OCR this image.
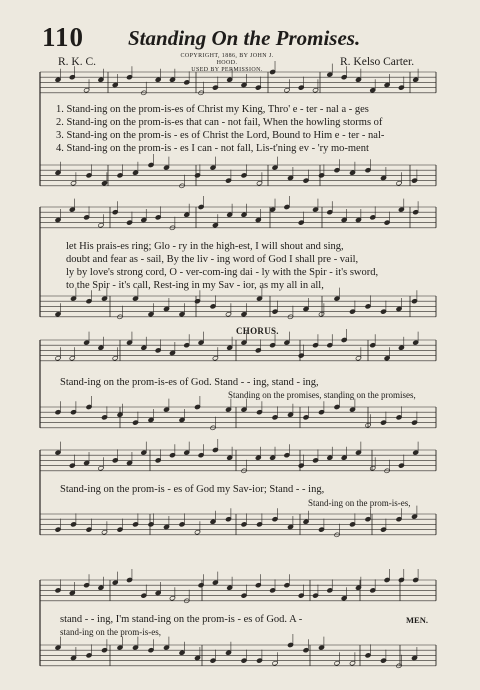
110 Standing On the Promises.
R. K. C.	COPYRIGHT, 1886, BY JOHN J. HOOD.
USED BY PERMISSION.
R. Kelso Carter.
1. Stand-ing on the prom-is-es of Christ my King, Thro' e - ter - nal a - ges
2. Stand-ing on the prom-is-es that can - not fail, When the howling storms of
3. Stand-ing on the prom-is - es of Christ the Lord, Bound to Him e - ter - nal-
4. Stand-ing on the prom-is - es I can - not fall, Lis-t'ning ev - 'ry mo-ment
let His prais-es ring; Glo - ry in the high-est, I will shout and sing,
doubt and fear as - sail, By the liv - ing word of God I shall pre - vail,
ly by love's strong cord, O - ver-com-ing dai - ly with the Spir - it's sword,
to the Spir - it's call, Rest-ing in my Sav - ior, as my all in all,
CHORUS.
Stand-ing on the prom-is-es of God. Stand - - ing, stand - ing,
Standing on the promises, standing on the promises,
Stand-ing on the prom-is - es of God my Sav-ior; Stand - - ing,
Stand-ing on the prom-is-es,
stand - - ing, I'm stand-ing on the prom-is - es of God. A -	MEN.
stand-ing on the prom-is-es,
